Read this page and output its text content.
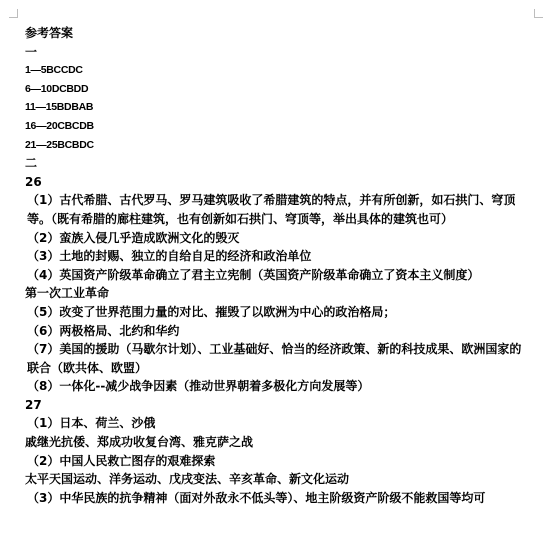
参考答案
一
1—5BCCDC
6—10DCBDD
11—15BDBAB
16—20CBCDB
21—25BCBDC
二
26
（1）古代希腊、古代罗马、罗马建筑吸收了希腊建筑的特点，并有所创新，如石拱门、穹顶等。（既有希腊的廊柱建筑，也有创新如石拱门、穹顶等，举出具体的建筑也可）
（2）蛮族入侵几乎造成欧洲文化的毁灭
（3）土地的封赐、独立的自给自足的经济和政治单位
（4）英国资产阶级革命确立了君主立宪制（英国资产阶级革命确立了资本主义制度）
第一次工业革命
（5）改变了世界范围力量的对比、摧毁了以欧洲为中心的政治格局；
（6）两极格局、北约和华约
（7）美国的援助（马歇尔计划）、工业基础好、恰当的经济政策、新的科技成果、欧洲国家的联合（欧共体、欧盟）
（8）一体化--减少战争因素（推动世界朝着多极化方向发展等）
27
（1）日本、荷兰、沙俄
戚继光抗倭、郑成功收复台湾、雅克萨之战
（2）中国人民救亡图存的艰难探索
太平天国运动、洋务运动、戊戌变法、辛亥革命、新文化运动
（3）中华民族的抗争精神（面对外敌永不低头等）、地主阶级资产阶级不能救国等均可
